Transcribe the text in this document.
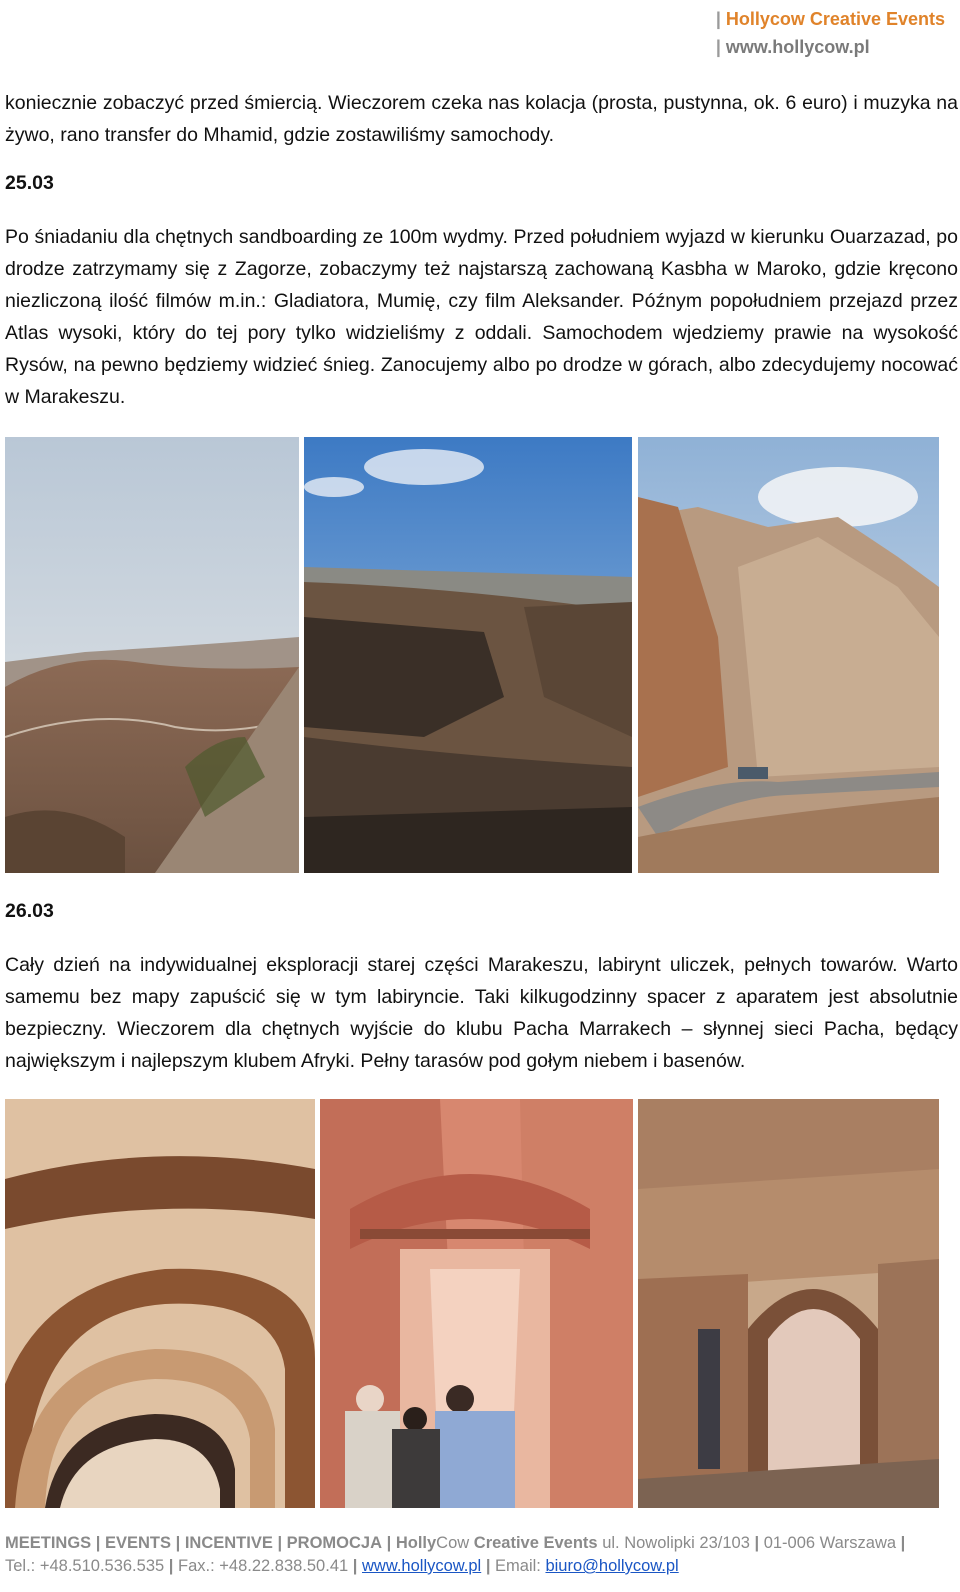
| Hollycow Creative Events
| www.hollycow.pl

koniecznie zobaczyć przed śmiercią. Wieczorem czeka nas kolacja (prosta, pustynna, ok. 6 euro) i muzyka na żywo, rano transfer do Mhamid, gdzie zostawiliśmy samochody.

25.03

Po śniadaniu dla chętnych sandboarding ze 100m wydmy. Przed południem wyjazd w kierunku Ouarzazad, po drodze zatrzymamy się z Zagorze, zobaczymy też najstarszą zachowaną Kasbha w Maroko, gdzie kręcono niezliczoną ilość filmów m.in.: Gladiatora, Mumię, czy film Aleksander. Późnym popołudniem przejazd przez Atlas wysoki, który do tej pory tylko widzieliśmy z oddali. Samochodem wjedziemy prawie na wysokość Rysów, na pewno będziemy widzieć śnieg. Zanocujemy albo po drodze w górach, albo zdecydujemy nocować w Marakeszu.

26.03

Cały dzień na indywidualnej eksploracji starej części Marakeszu, labirynt uliczek, pełnych towarów. Warto samemu bez mapy zapuścić się w tym labiryncie. Taki kilkugodzinny spacer z aparatem jest absolutnie bezpieczny. Wieczorem dla chętnych wyjście do klubu Pacha Marrakech – słynnej sieci Pacha, będący największym i najlepszym klubem Afryki. Pełny tarasów pod gołym niebem i basenów.

MEETINGS | EVENTS | INCENTIVE | PROMOCJA | HollyCow Creative Events ul. Nowolipki 23/103 | 01-006 Warszawa |
Tel.: +48.510.536.535 | Fax.: +48.22.838.50.41 | www.hollycow.pl | Email: biuro@hollycow.pl
